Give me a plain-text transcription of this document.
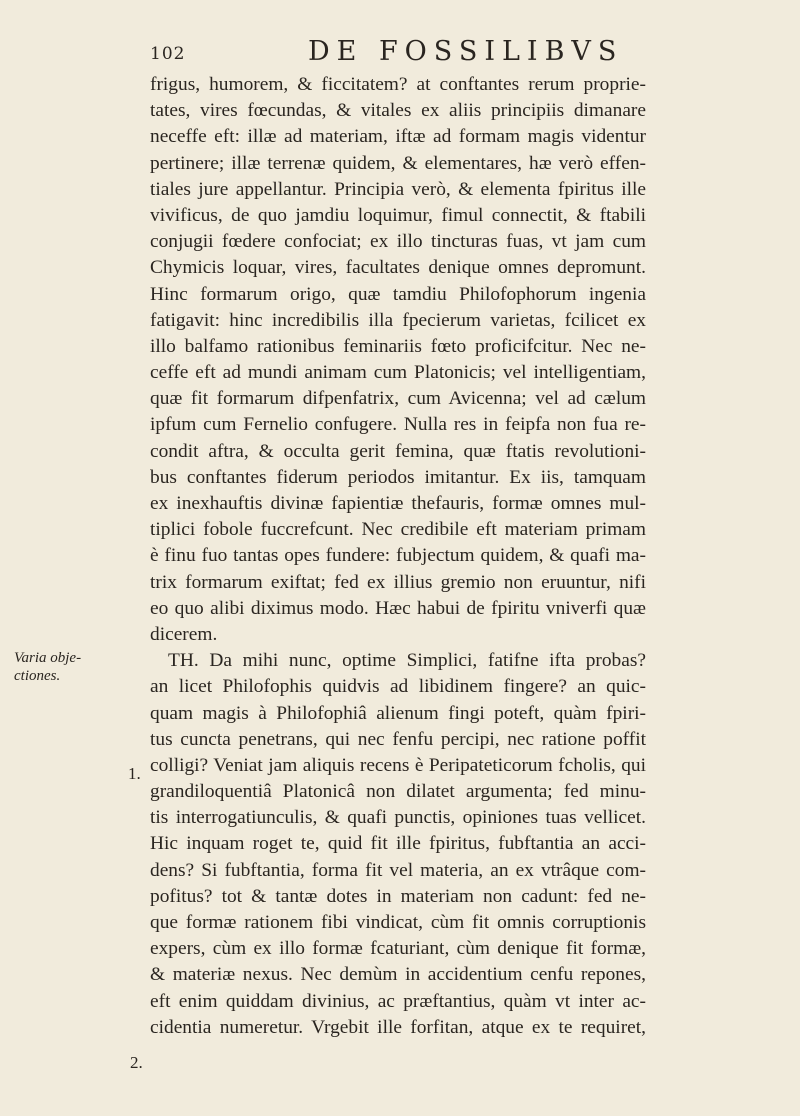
102	DE FOSSILIBVS
Varia obje-
ctiones.
1.
2.
frigus, humorem, & ficcitatem? at conftantes rerum proprie-
tates, vires fœcundas, & vitales ex aliis principiis dimanare
neceffe eft: illæ ad materiam, iftæ ad formam magis videntur
pertinere; illæ terrenæ quidem, & elementares, hæ verò effen-
tiales jure appellantur. Principia verò, & elementa fpiritus ille
vivificus, de quo jamdiu loquimur, fimul connectit, & ftabili
conjugii fœdere confociat; ex illo tincturas fuas, vt jam cum
Chymicis loquar, vires, facultates denique omnes depromunt.
Hinc formarum origo, quæ tamdiu Philofophorum ingenia
fatigavit: hinc incredibilis illa fpecierum varietas, fcilicet ex
illo balfamo rationibus feminariis fœto proficifcitur. Nec ne-
ceffe eft ad mundi animam cum Platonicis; vel intelligentiam,
quæ fit formarum difpenfatrix, cum Avicenna; vel ad cælum
ipfum cum Fernelio confugere. Nulla res in feipfa non fua re-
condit aftra, & occulta gerit femina, quæ ftatis revolutioni-
bus conftantes fiderum periodos imitantur. Ex iis, tamquam
ex inexhauftis divinæ fapientiæ thefauris, formæ omnes mul-
tiplici fobole fuccrefcunt. Nec credibile eft materiam primam
è finu fuo tantas opes fundere: fubjectum quidem, & quafi ma-
trix formarum exiftat; fed ex illius gremio non eruuntur, nifi
eo quo alibi diximus modo. Hæc habui de fpiritu vniverfi quæ
dicerem.
TH. Da mihi nunc, optime Simplici, fatifne ifta probas?
an licet Philofophis quidvis ad libidinem fingere? an quic-
quam magis à Philofophiâ alienum fingi poteft, quàm fpiri-
tus cuncta penetrans, qui nec fenfu percipi, nec ratione poffit
colligi? Veniat jam aliquis recens è Peripateticorum fcholis, qui
grandiloquentiâ Platonicâ non dilatet argumenta; fed minu-
tis interrogatiunculis, & quafi punctis, opiniones tuas vellicet.
Hic inquam roget te, quid fit ille fpiritus, fubftantia an acci-
dens? Si fubftantia, forma fit vel materia, an ex vtrâque com-
pofitus? tot & tantæ dotes in materiam non cadunt: fed ne-
que formæ rationem fibi vindicat, cùm fit omnis corruptionis
expers, cùm ex illo formæ fcaturiant, cùm denique fit formæ,
& materiæ nexus. Nec demùm in accidentium cenfu repones,
eft enim quiddam divinius, ac præftantius, quàm vt inter ac-
cidentia numeretur. Vrgebit ille forfitan, atque ex te requiret,
